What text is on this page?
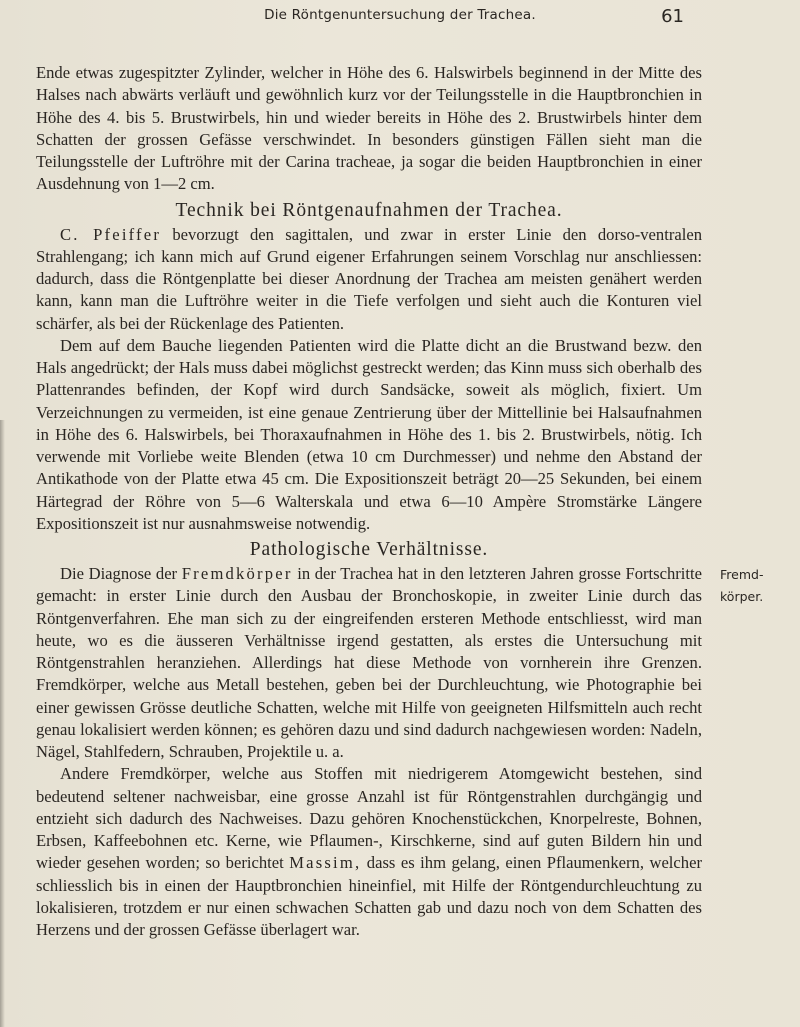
Die Röntgenuntersuchung der Trachea.	61

Ende etwas zugespitzter Zylinder, welcher in Höhe des 6. Halswirbels beginnend in der Mitte des Halses nach abwärts verläuft und gewöhnlich kurz vor der Teilungsstelle in die Hauptbronchien in Höhe des 4. bis 5. Brustwirbels, hin und wieder bereits in Höhe des 2. Brustwirbels hinter dem Schatten der grossen Gefässe verschwindet. In besonders günstigen Fällen sieht man die Teilungsstelle der Luftröhre mit der Carina tracheae, ja sogar die beiden Hauptbronchien in einer Ausdehnung von 1—2 cm.

Technik bei Röntgenaufnahmen der Trachea.

C. Pfeiffer bevorzugt den sagittalen, und zwar in erster Linie den dorso-ventralen Strahlengang; ich kann mich auf Grund eigener Erfahrungen seinem Vorschlag nur anschliessen: dadurch, dass die Röntgenplatte bei dieser Anordnung der Trachea am meisten genähert werden kann, kann man die Luftröhre weiter in die Tiefe verfolgen und sieht auch die Konturen viel schärfer, als bei der Rückenlage des Patienten.

Dem auf dem Bauche liegenden Patienten wird die Platte dicht an die Brustwand bezw. den Hals angedrückt; der Hals muss dabei möglichst gestreckt werden; das Kinn muss sich oberhalb des Plattenrandes befinden, der Kopf wird durch Sandsäcke, soweit als möglich, fixiert. Um Verzeichnungen zu vermeiden, ist eine genaue Zentrierung über der Mittellinie bei Halsaufnahmen in Höhe des 6. Halswirbels, bei Thoraxaufnahmen in Höhe des 1. bis 2. Brustwirbels, nötig. Ich verwende mit Vorliebe weite Blenden (etwa 10 cm Durchmesser) und nehme den Abstand der Antikathode von der Platte etwa 45 cm. Die Expositionszeit beträgt 20—25 Sekunden, bei einem Härtegrad der Röhre von 5—6 Walterskala und etwa 6—10 Ampère Stromstärke Längere Expositionszeit ist nur ausnahmsweise notwendig.

Pathologische Verhältnisse.

Die Diagnose der Fremdkörper in der Trachea hat in den letzteren Jahren grosse Fortschritte gemacht: in erster Linie durch den Ausbau der Bronchoskopie, in zweiter Linie durch das Röntgenverfahren. Ehe man sich zu der eingreifenden ersteren Methode entschliesst, wird man heute, wo es die äusseren Verhältnisse irgend gestatten, als erstes die Untersuchung mit Röntgenstrahlen heranziehen. Allerdings hat diese Methode von vornherein ihre Grenzen. Fremdkörper, welche aus Metall bestehen, geben bei der Durchleuchtung, wie Photographie bei einer gewissen Grösse deutliche Schatten, welche mit Hilfe von geeigneten Hilfsmitteln auch recht genau lokalisiert werden können; es gehören dazu und sind dadurch nachgewiesen worden: Nadeln, Nägel, Stahlfedern, Schrauben, Projektile u. a.

Andere Fremdkörper, welche aus Stoffen mit niedrigerem Atomgewicht bestehen, sind bedeutend seltener nachweisbar, eine grosse Anzahl ist für Röntgenstrahlen durchgängig und entzieht sich dadurch des Nachweises. Dazu gehören Knochenstückchen, Knorpelreste, Bohnen, Erbsen, Kaffeebohnen etc. Kerne, wie Pflaumen-, Kirschkerne, sind auf guten Bildern hin und wieder gesehen worden; so berichtet Massim, dass es ihm gelang, einen Pflaumenkern, welcher schliesslich bis in einen der Hauptbronchien hineinfiel, mit Hilfe der Röntgendurchleuchtung zu lokalisieren, trotzdem er nur einen schwachen Schatten gab und dazu noch von dem Schatten des Herzens und der grossen Gefässe überlagert war.

Fremd-körper.
